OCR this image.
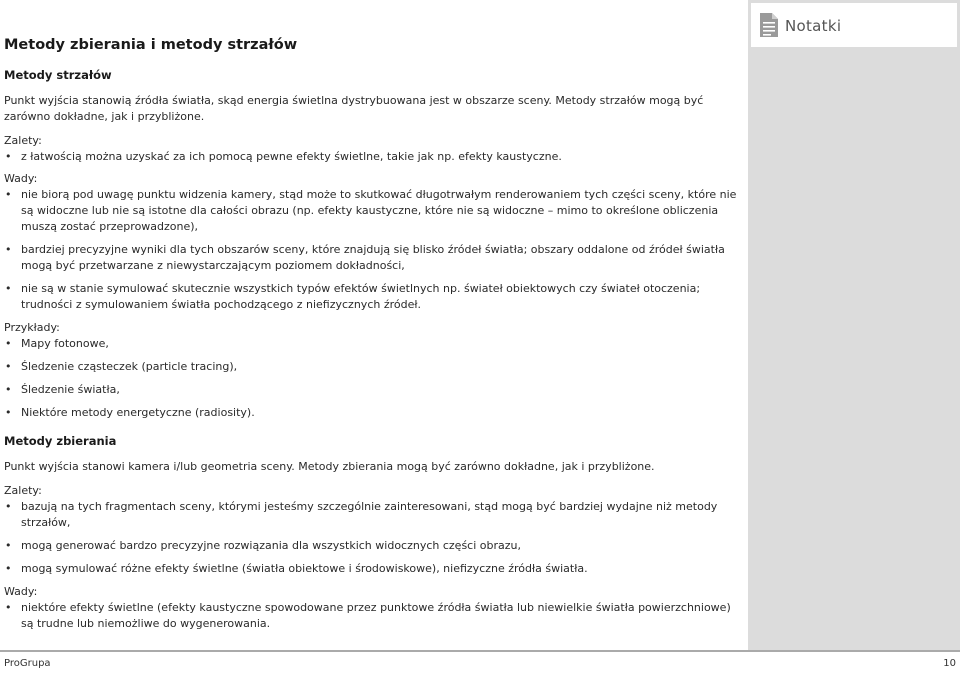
Notatki
Metody zbierania i metody strzałów
Metody strzałów
Punkt wyjścia stanowią źródła światła, skąd energia świetlna dystrybuowana jest w obszarze sceny. Metody strzałów mogą być zarówno dokładne, jak i przybliżone.
Zalety:
• z łatwością można uzyskać za ich pomocą pewne efekty świetlne, takie jak np. efekty kaustyczne.
Wady:
• nie biorą pod uwagę punktu widzenia kamery, stąd może to skutkować długotrwałym renderowaniem tych części sceny, które nie są widoczne lub nie są istotne dla całości obrazu (np. efekty kaustyczne, które nie są widoczne – mimo to określone obliczenia muszą zostać przeprowadzone),
• bardziej precyzyjne wyniki dla tych obszarów sceny, które znajdują się blisko źródeł światła; obszary oddalone od źródeł światła mogą być przetwarzane z niewystarczającym poziomem dokładności,
• nie są w stanie symulować skutecznie wszystkich typów efektów świetlnych np. świateł obiektowych czy świateł otoczenia; trudności z symulowaniem światła pochodzącego z niefizycznych źródeł.
Przykłady:
• Mapy fotonowe,
• Śledzenie cząsteczek (particle tracing),
• Śledzenie światła,
• Niektóre metody energetyczne (radiosity).
Metody zbierania
Punkt wyjścia stanowi kamera i/lub geometria sceny. Metody zbierania mogą być zarówno dokładne, jak i przybliżone.
Zalety:
• bazują na tych fragmentach sceny, którymi jesteśmy szczególnie zainteresowani, stąd mogą być bardziej wydajne niż metody strzałów,
• mogą generować bardzo precyzyjne rozwiązania dla wszystkich widocznych części obrazu,
• mogą symulować różne efekty świetlne (światła obiektowe i środowiskowe), niefizyczne źródła światła.
Wady:
• niektóre efekty świetlne (efekty kaustyczne spowodowane przez punktowe źródła światła lub niewielkie światła powierzchniowe) są trudne lub niemożliwe do wygenerowania.
ProGrupa	10
